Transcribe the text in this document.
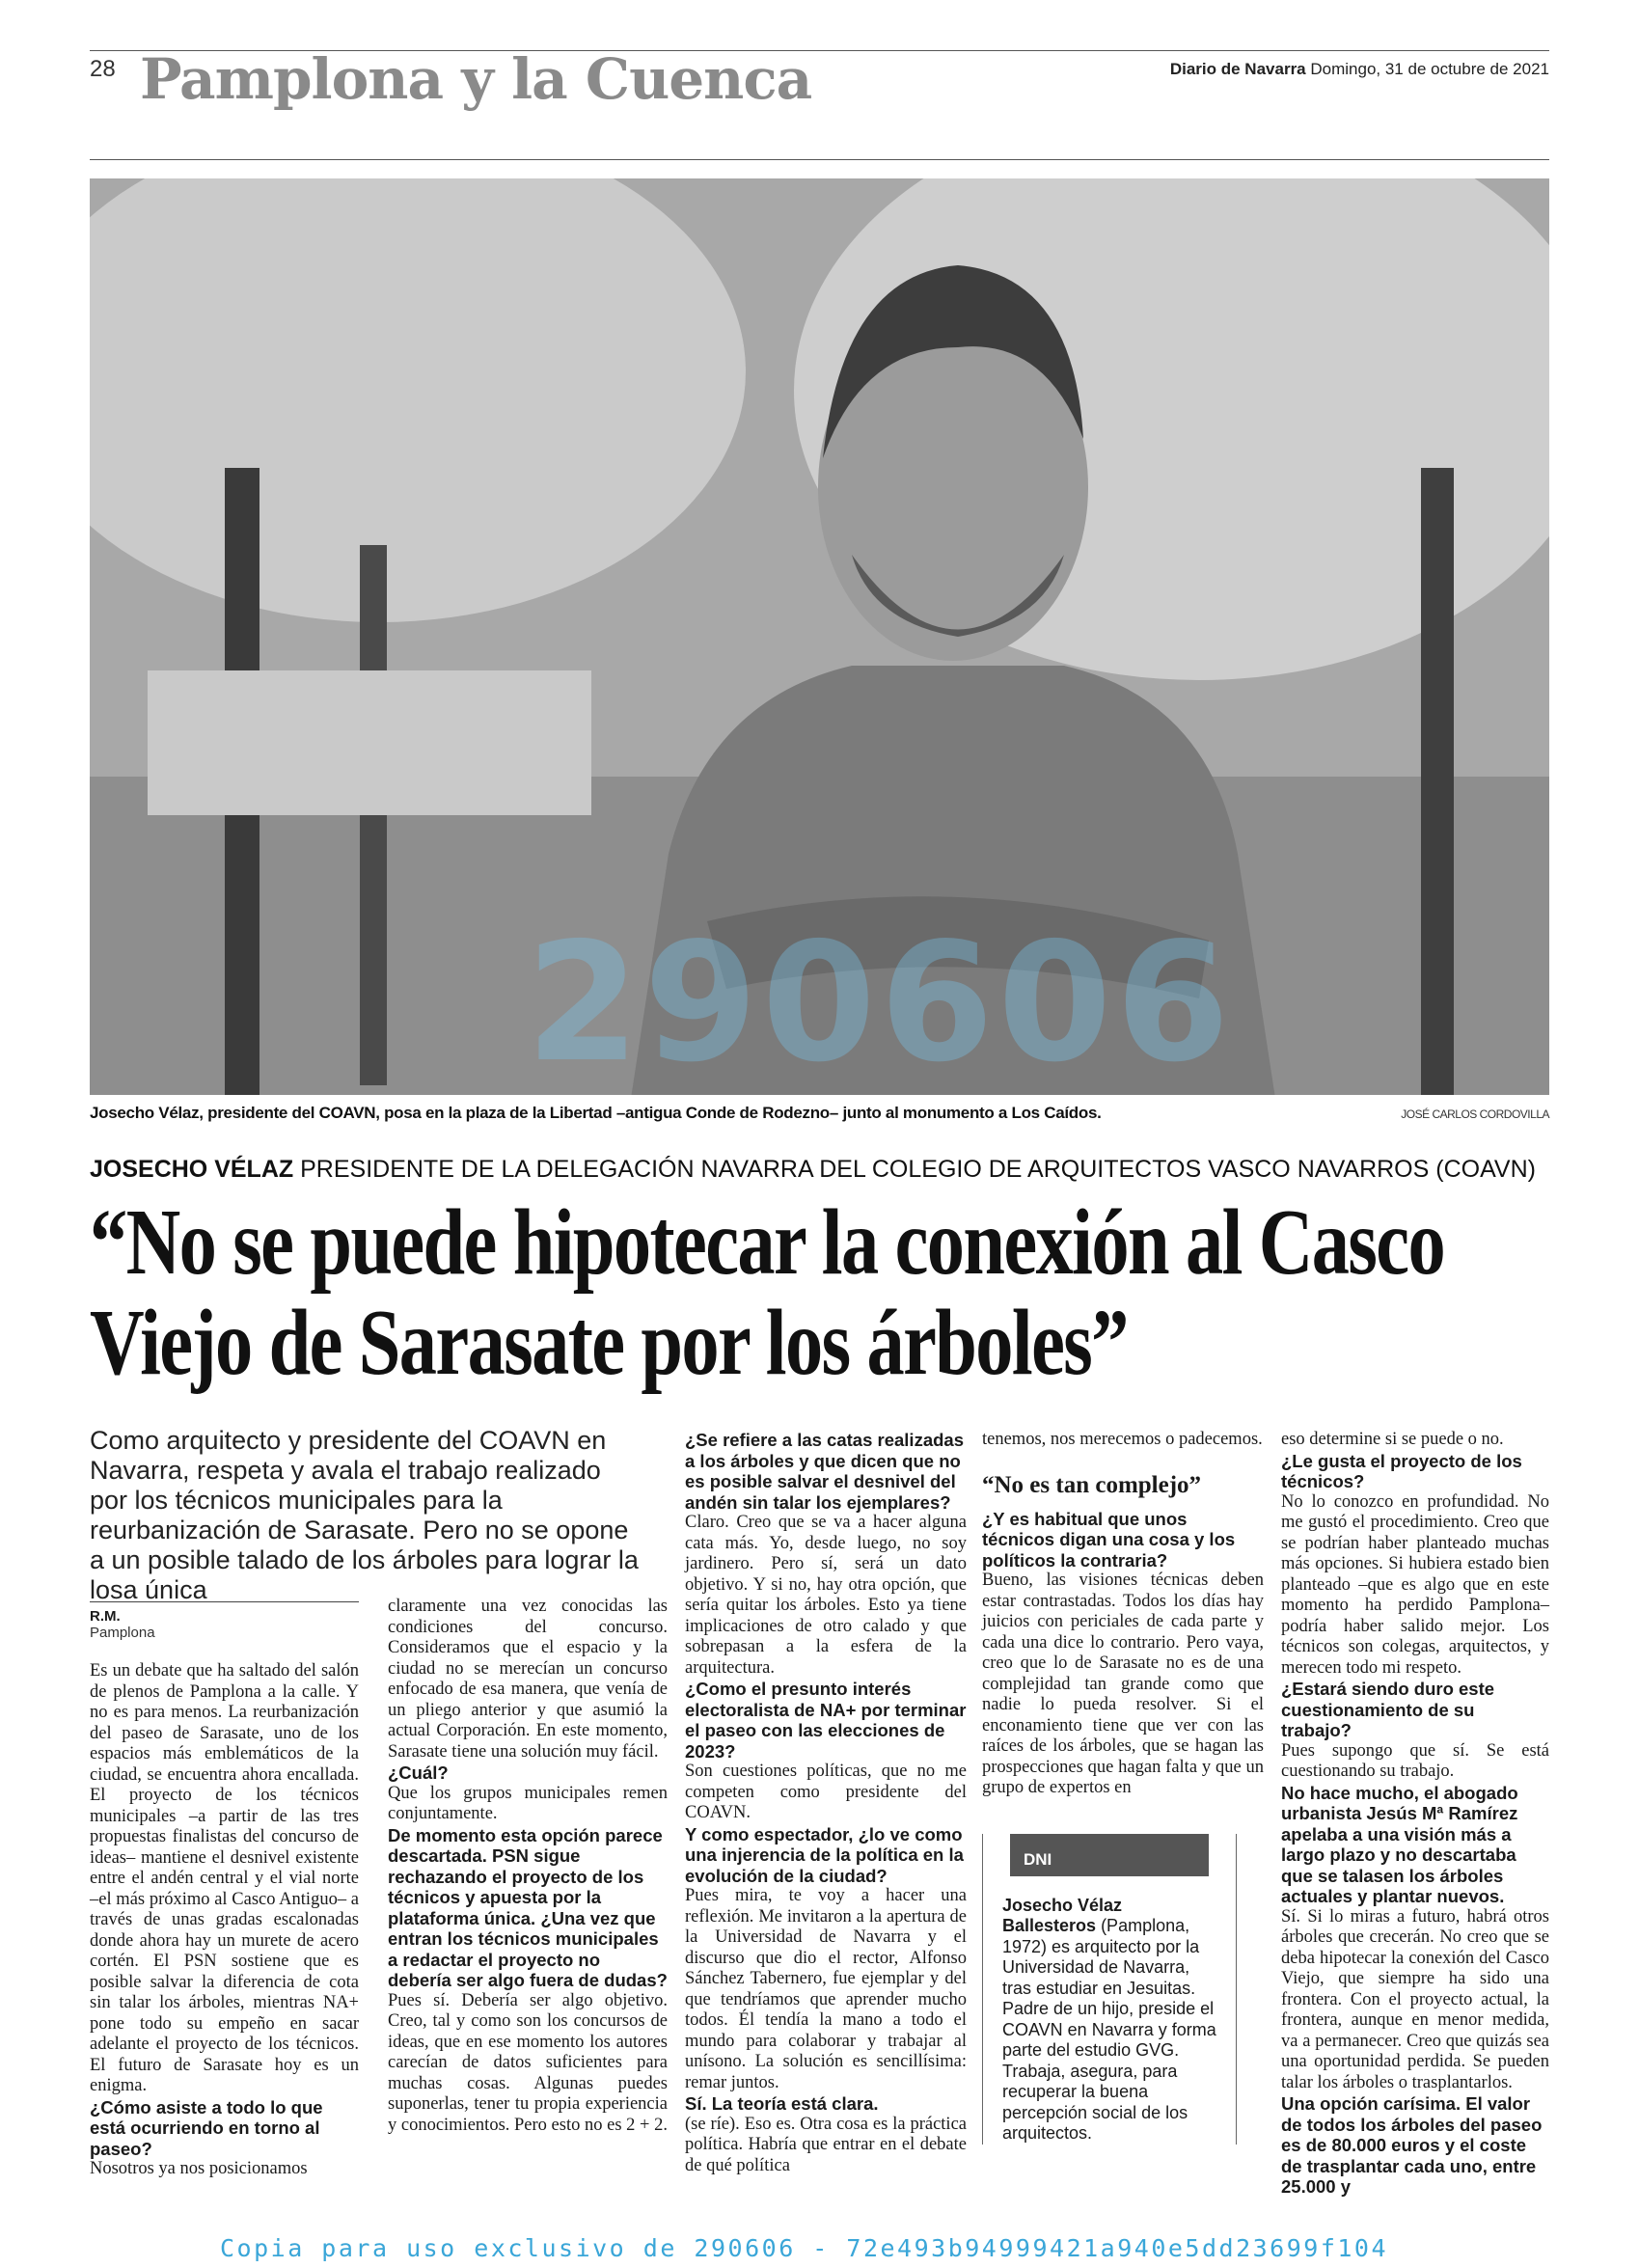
28 Pamplona y la Cuenca	Diario de Navarra Domingo, 31 de octubre de 2021
290606
Josecho Vélaz, presidente del COAVN, posa en la plaza de la Libertad –antigua Conde de Rodezno– junto al monumento a Los Caídos.	JOSÉ CARLOS CORDOVILLA
JOSECHO VÉLAZ PRESIDENTE DE LA DELEGACIÓN NAVARRA DEL COLEGIO DE ARQUITECTOS VASCO NAVARROS (COAVN)
“No se puede hipotecar la conexión al Casco Viejo de Sarasate por los árboles”
Como arquitecto y presidente del COAVN en Navarra, respeta y avala el trabajo realizado por los técnicos municipales para la reurbanización de Sarasate. Pero no se opone a un posible talado de los árboles para lograr la losa única
R.M.
Pamplona

Es un debate que ha saltado del salón de plenos de Pamplona a la calle. Y no es para menos. La reurbanización del paseo de Sarasate, uno de los espacios más emblemáticos de la ciudad, se encuentra ahora encallada. El proyecto de los técnicos municipales –a partir de las tres propuestas finalistas del concurso de ideas– mantiene el desnivel existente entre el andén central y el vial norte –el más próximo al Casco Antiguo– a través de unas gradas escalonadas donde ahora hay un murete de acero cortén. El PSN sostiene que es posible salvar la diferencia de cota sin talar los árboles, mientras NA+ pone todo su empeño en sacar adelante el proyecto de los técnicos. El futuro de Sarasate hoy es un enigma.

¿Cómo asiste a todo lo que está ocurriendo en torno al paseo?

Nosotros ya nos posicionamos

claramente una vez conocidas las condiciones del concurso. Consideramos que el espacio y la ciudad no se merecían un concurso enfocado de esa manera, que venía de un pliego anterior y que asumió la actual Corporación. En este momento, Sarasate tiene una solución muy fácil.

¿Cuál?

Que los grupos municipales remen conjuntamente.

De momento esta opción parece descartada. PSN sigue rechazando el proyecto de los técnicos y apuesta por la plataforma única. ¿Una vez que entran los técnicos municipales a redactar el proyecto no debería ser algo fuera de dudas?

Pues sí. Debería ser algo objetivo. Creo, tal y como son los concursos de ideas, que en ese momento los autores carecían de datos suficientes para muchas cosas. Algunas puedes suponerlas, tener tu propia experiencia y conocimientos. Pero esto no es 2 + 2.

¿Se refiere a las catas realizadas a los árboles y que dicen que no es posible salvar el desnivel del andén sin talar los ejemplares?

Claro. Creo que se va a hacer alguna cata más. Yo, desde luego, no soy jardinero. Pero sí, será un dato objetivo. Y si no, hay otra opción, que sería quitar los árboles. Esto ya tiene implicaciones de otro calado y que sobrepasan a la esfera de la arquitectura.

¿Como el presunto interés electoralista de NA+ por terminar el paseo con las elecciones de 2023?

Son cuestiones políticas, que no me competen como presidente del COAVN.

Y como espectador, ¿lo ve como una injerencia de la política en la evolución de la ciudad?

Pues mira, te voy a hacer una reflexión. Me invitaron a la apertura de la Universidad de Navarra y el discurso que dio el rector, Alfonso Sánchez Tabernero, fue ejemplar y del que tendríamos que aprender mucho todos. Él tendía la mano a todo el mundo para colaborar y trabajar al unísono. La solución es sencillísima: remar juntos.

Sí. La teoría está clara.

(se ríe). Eso es. Otra cosa es la práctica política. Habría que entrar en el debate de qué política

tenemos, nos merecemos o padecemos.

“No es tan complejo”

¿Y es habitual que unos técnicos digan una cosa y los políticos la contraria?

Bueno, las visiones técnicas deben estar contrastadas. Todos los días hay juicios con periciales de cada parte y cada una dice lo contrario. Pero vaya, creo que lo de Sarasate no es de una complejidad tan grande como que nadie lo pueda resolver. Si el enconamiento tiene que ver con las raíces de los árboles, que se hagan las prospecciones que hagan falta y que un grupo de expertos en

DNI
Josecho Vélaz Ballesteros (Pamplona, 1972) es arquitecto por la Universidad de Navarra, tras estudiar en Jesuitas. Padre de un hijo, preside el COAVN en Navarra y forma parte del estudio GVG. Trabaja, asegura, para recuperar la buena percepción social de los arquitectos.

eso determine si se puede o no.

¿Le gusta el proyecto de los técnicos?

No lo conozco en profundidad. No me gustó el procedimiento. Creo que se podrían haber planteado muchas más opciones. Si hubiera estado bien planteado –que es algo que en este momento ha perdido Pamplona– podría haber salido mejor. Los técnicos son colegas, arquitectos, y merecen todo mi respeto.

¿Estará siendo duro este cuestionamiento de su trabajo?

Pues supongo que sí. Se está cuestionando su trabajo.

No hace mucho, el abogado urbanista Jesús Mª Ramírez apelaba a una visión más a largo plazo y no descartaba que se talasen los árboles actuales y plantar nuevos.

Sí. Si lo miras a futuro, habrá otros árboles que crecerán. No creo que se deba hipotecar la conexión del Casco Viejo, que siempre ha sido una frontera. Con el proyecto actual, la frontera, aunque en menor medida, va a permanecer. Creo que quizás sea una oportunidad perdida. Se pueden talar los árboles o trasplantarlos.

Una opción carísima. El valor de todos los árboles del paseo es de 80.000 euros y el coste de trasplantar cada uno, entre 25.000 y

Copia para uso exclusivo de 290606 - 72e493b94999421a940e5dd23699f104
